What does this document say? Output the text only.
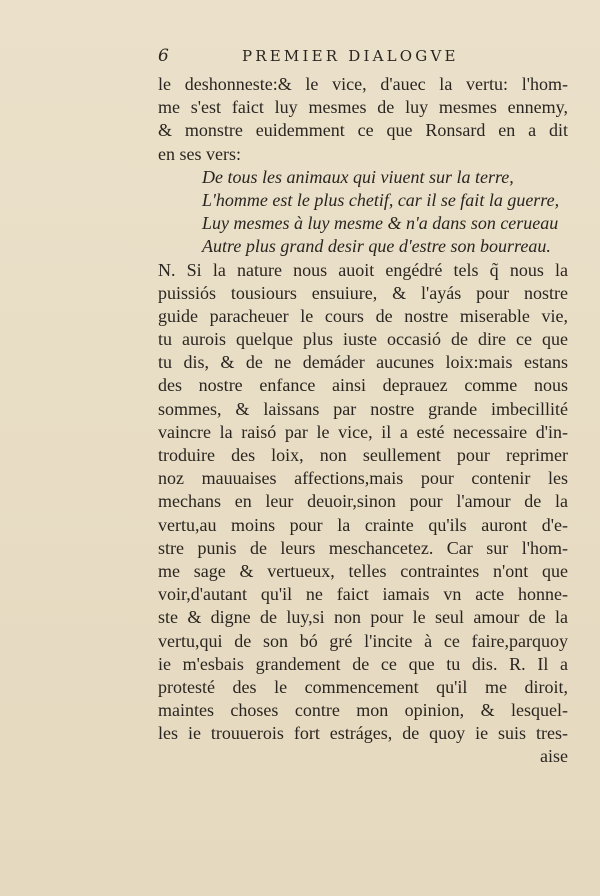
6	PREMIER DIALOGVE
le deshonneste:& le vice, d'auec la vertu: l'hom-
me s'est faict luy mesmes de luy mesmes ennemy,
& monstre euidemment ce que Ronsard en a dit
en ses vers:
De tous les animaux qui viuent sur la terre,
L'homme est le plus chetif, car il se fait la guerre,
Luy mesmes à luy mesme & n'a dans son cerueau
Autre plus grand desir que d'estre son bourreau.
N. Si la nature nous auoit engédré tels q̃ nous la
puissiós tousiours ensuiure, & l'ayás pour nostre
guide paracheuer le cours de nostre miserable vie,
tu aurois quelque plus iuste occasió de dire ce que
tu dis, & de ne demáder aucunes loix:mais estans
des nostre enfance ainsi deprauez comme nous
sommes, & laissans par nostre grande imbecillité
vaincre la raisó par le vice, il a esté necessaire d'in-
troduire des loix, non seullement pour reprimer
noz mauuaises affections,mais pour contenir les
mechans en leur deuoir,sinon pour l'amour de la
vertu,au moins pour la crainte qu'ils auront d'e-
stre punis de leurs meschancetez. Car sur l'hom-
me sage & vertueux, telles contraintes n'ont que
voir,d'autant qu'il ne faict iamais vn acte honne-
ste & digne de luy,si non pour le seul amour de la
vertu,qui de son bó gré l'incite à ce faire,parquoy
ie m'esbais grandement de ce que tu dis. R. Il a
protesté des le commencement qu'il me diroit,
maintes choses contre mon opinion, & lesquel-
les ie trouuerois fort estráges, de quoy ie suis tres-
aise
